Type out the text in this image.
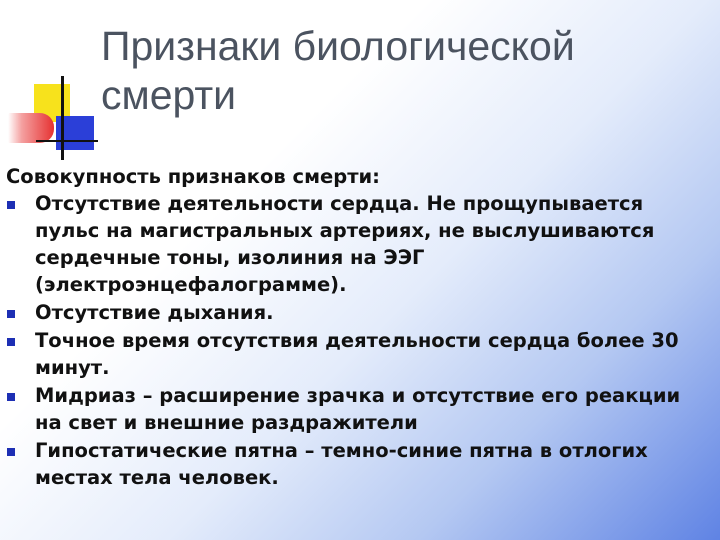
Признаки биологической
смерти

Совокупность признаков смерти:

Отсутствие деятельности сердца. Не прощупывается пульс на магистральных артериях, не выслушиваются сердечные тоны, изолиния на ЭЭГ (электроэнцефалограмме).
Отсутствие дыхания.
Точное время отсутствия деятельности сердца более 30 минут.
Мидриаз – расширение зрачка и отсутствие его реакции на свет и внешние раздражители
Гипостатические пятна – темно-синие пятна в отлогих местах тела человек.
